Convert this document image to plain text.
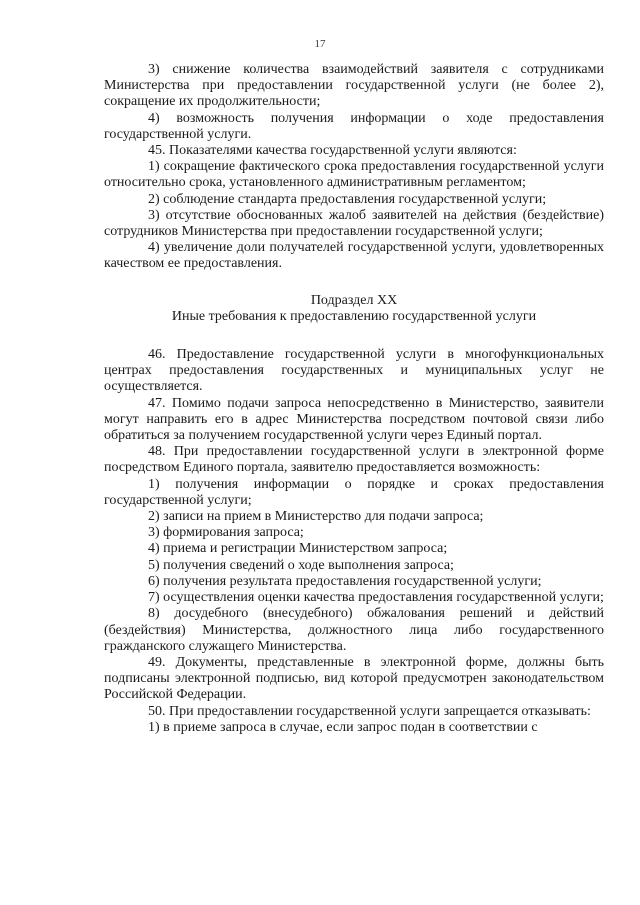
17

3) снижение количества взаимодействий заявителя с сотрудниками Министерства при предоставлении государственной услуги (не более 2), сокращение их продолжительности;

4) возможность получения информации о ходе предоставления государственной услуги.

45. Показателями качества государственной услуги являются:

1) сокращение фактического срока предоставления государственной услуги относительно срока, установленного административным регламентом;

2) соблюдение стандарта предоставления государственной услуги;

3) отсутствие обоснованных жалоб заявителей на действия (бездействие) сотрудников Министерства при предоставлении государственной услуги;

4) увеличение доли получателей государственной услуги, удовлетворенных качеством ее предоставления.

Подраздел XX

Иные требования к предоставлению государственной услуги

46. Предоставление государственной услуги в многофункциональных центрах предоставления государственных и муниципальных услуг не осуществляется.

47. Помимо подачи запроса непосредственно в Министерство, заявители могут направить его в адрес Министерства посредством почтовой связи либо обратиться за получением государственной услуги через Единый портал.

48. При предоставлении государственной услуги в электронной форме посредством Единого портала, заявителю предоставляется возможность:

1) получения информации о порядке и сроках предоставления государственной услуги;

2) записи на прием в Министерство для подачи запроса;

3) формирования запроса;

4) приема и регистрации Министерством запроса;

5) получения сведений о ходе выполнения запроса;

6) получения результата предоставления государственной услуги;

7) осуществления оценки качества предоставления государственной услуги;

8) досудебного (внесудебного) обжалования решений и действий (бездействия) Министерства, должностного лица либо государственного гражданского служащего Министерства.

49. Документы, представленные в электронной форме, должны быть подписаны электронной подписью, вид которой предусмотрен законодательством Российской Федерации.

50. При предоставлении государственной услуги запрещается отказывать:

1) в приеме запроса в случае, если запрос подан в соответствии с
